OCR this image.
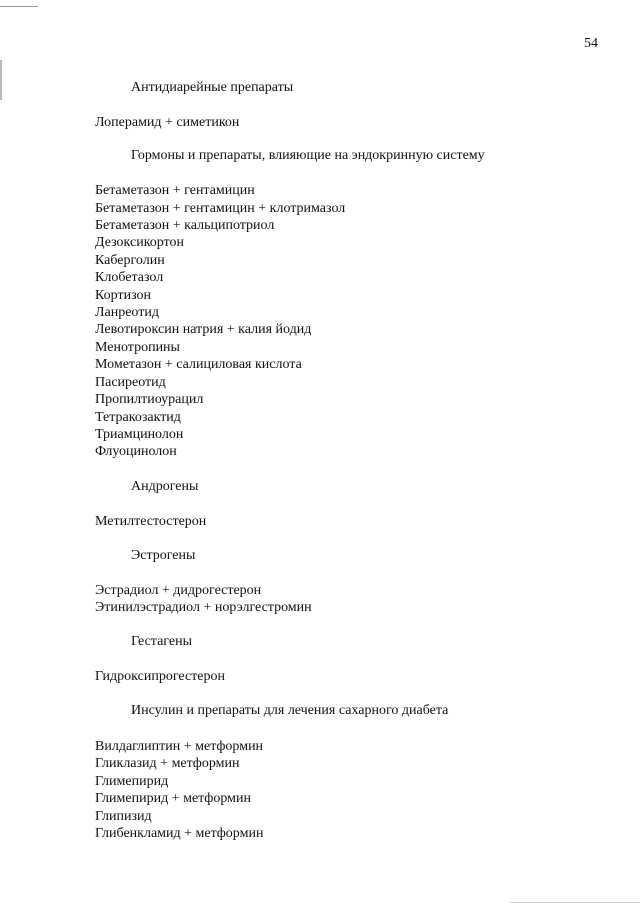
54
Антидиарейные препараты
Лоперамид + симетикон
Гормоны и препараты, влияющие на эндокринную систему
Бетаметазон + гентамицин
Бетаметазон + гентамицин + клотримазол
Бетаметазон + кальципотриол
Дезоксикортон
Каберголин
Клобетазол
Кортизон
Ланреотид
Левотироксин натрия + калия йодид
Менотропины
Мометазон + салициловая кислота
Пасиреотид
Пропилтиоурацил
Тетракозактид
Триамцинолон
Флуоцинолон
Андрогены
Метилтестостерон
Эстрогены
Эстрадиол + дидрогестерон
Этинилэстрадиол + норэлгестромин
Гестагены
Гидроксипрогестерон
Инсулин и препараты для лечения сахарного диабета
Вилдаглиптин + метформин
Гликлазид + метформин
Глимепирид
Глимепирид + метформин
Глипизид
Глибенкламид + метформин
